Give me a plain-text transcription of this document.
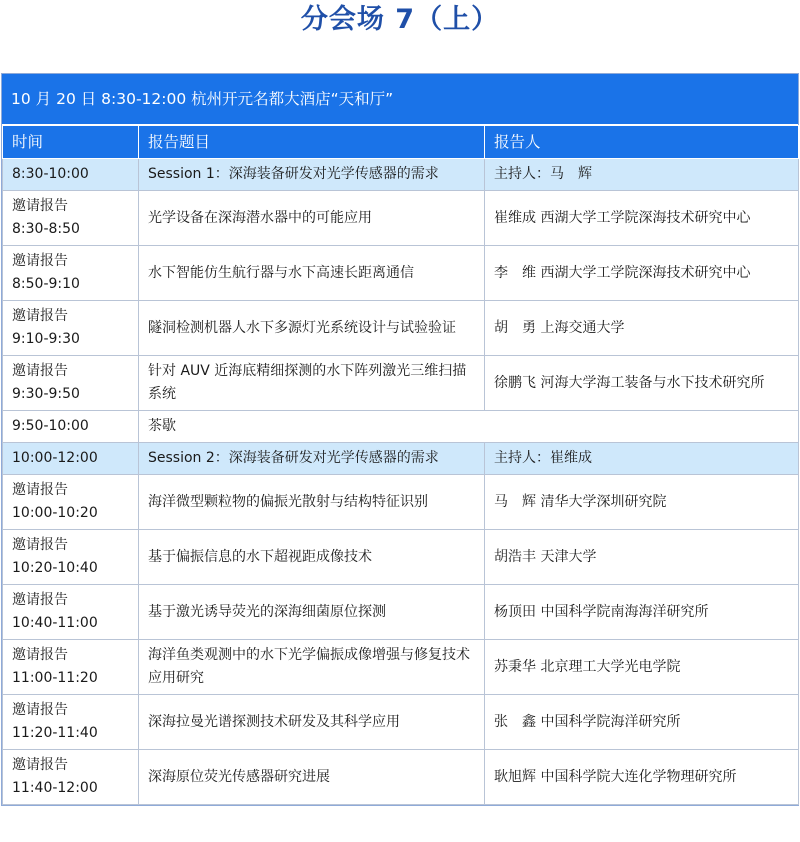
分会场 7（上）
10 月 20 日 8:30-12:00 杭州开元名都大酒店“天和厅”
时间	报告题目	报告人
8:30-10:00	Session 1：深海装备研发对光学传感器的需求	主持人：马　辉

邀请报告
8:30-8:50	光学设备在深海潜水器中的可能应用	崔维成 西湖大学工学院深海技术研究中心

邀请报告
8:50-9:10	水下智能仿生航行器与水下高速长距离通信	李　维 西湖大学工学院深海技术研究中心

邀请报告
9:10-9:30	隧洞检测机器人水下多源灯光系统设计与试验验证	胡　勇 上海交通大学

邀请报告
9:30-9:50	针对 AUV 近海底精细探测的水下阵列激光三维扫描系统	徐鹏飞 河海大学海工装备与水下技术研究所
9:50-10:00	茶歇	
10:00-12:00	Session 2：深海装备研发对光学传感器的需求	主持人：崔维成

邀请报告
10:00-10:20	海洋微型颗粒物的偏振光散射与结构特征识别	马　辉 清华大学深圳研究院

邀请报告
10:20-10:40	基于偏振信息的水下超视距成像技术	胡浩丰 天津大学

邀请报告
10:40-11:00	基于激光诱导荧光的深海细菌原位探测	杨顶田 中国科学院南海海洋研究所

邀请报告
11:00-11:20	海洋鱼类观测中的水下光学偏振成像增强与修复技术应用研究	苏秉华 北京理工大学光电学院

邀请报告
11:20-11:40	深海拉曼光谱探测技术研发及其科学应用	张　鑫 中国科学院海洋研究所

邀请报告
11:40-12:00	深海原位荧光传感器研究进展	耿旭辉 中国科学院大连化学物理研究所
